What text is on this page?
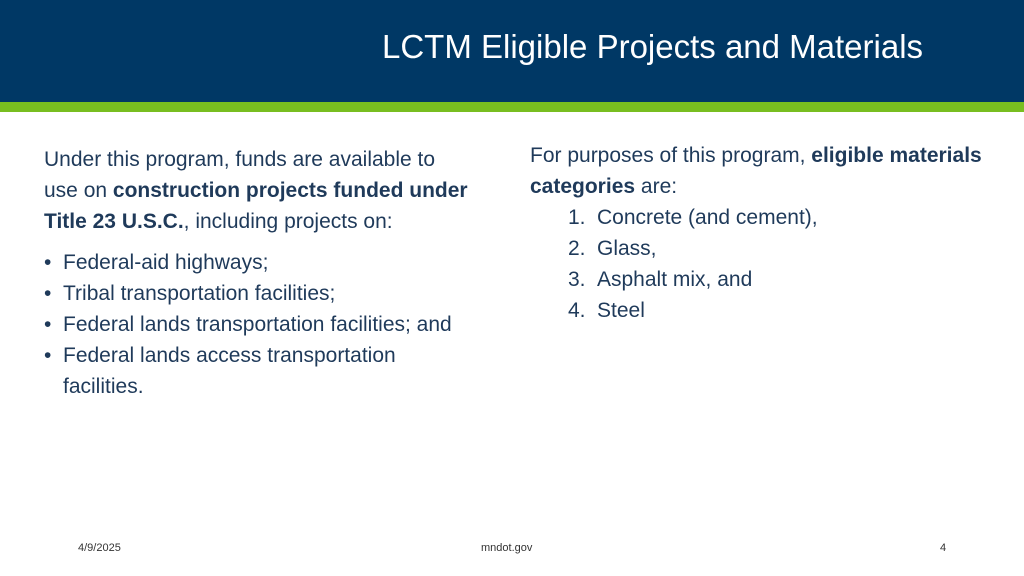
LCTM Eligible Projects and Materials

Under this program, funds are available to use on construction projects funded under Title 23 U.S.C., including projects on:

• Federal-aid highways;
• Tribal transportation facilities;
• Federal lands transportation facilities; and
• Federal lands access transportation facilities.

For purposes of this program, eligible materials categories are:

1. Concrete (and cement),
2. Glass,
3. Asphalt mix, and
4. Steel
4/9/2025	mndot.gov	4
